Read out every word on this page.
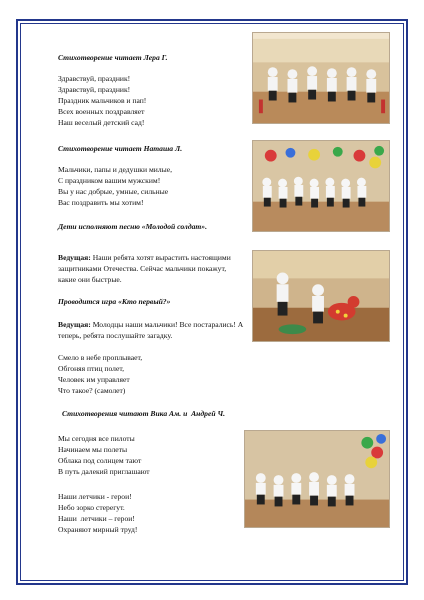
Стихотворение читает Лера Г.
Здравствуй, праздник!
Здравствуй, праздник!
Праздник мальчиков и пап!
Всех военных поздравляет
Наш веселый детский сад!
Стихотворение читает Наташа Л.
Мальчики, папы и дедушки милые,
С праздником вашим мужским!
Вы у нас добрые, умные, сильные
Вас поздравить мы хотим!
Дети исполняют песню «Молодой солдат».
Ведущая: Наши ребята хотят вырастить настоящими защитниками Отечества. Сейчас мальчики покажут, какие они быстрые.
Проводится игра «Кто первый?»
Ведущая: Молодцы наши мальчики! Все постарались! А теперь, ребята послушайте загадку.
Смело в небе проплывает,
Обгоняя птиц полет,
Человек им управляет
Что такое? (самолет)
Стихотворения читают Вика Ам. и  Андрей Ч.
Мы сегодня все пилоты
Начинаем мы полеты
Облака под солнцем тают
В путь далекий приглашают
Наши летчики - герои!
Небо зорко стерегут.
Наши  летчики – герои!
Охраняют мирный труд!
